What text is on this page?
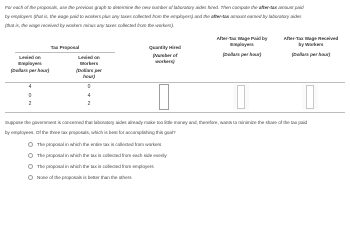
For each of the proposals, use the previous graph to determine the new number of laboratory aides hired. Then compute the after-tax amount paid
by employers (that is, the wage paid to workers plus any taxes collected from the employers) and the after-tax amount earned by laboratory aides
(that is, the wage received by workers minus any taxes collected from the workers).
Tax Proposal
Levied on Employers
(Dollars per hour)
Levied on Workers
(Dollars per hour)
Quantity Hired
(Number of workers)
After-Tax Wage Paid by Employers
(Dollars per hour)
After-Tax Wage Received by Workers
(Dollars per hour)
4	0
0	4
2	2
Suppose the government is concerned that laboratory aides already make too little money and, therefore, wants to minimize the share of the tax paid
by employees. Of the three tax proposals, which is best for accomplishing this goal?
The proposal in which the entire tax is collected from workers
The proposal in which the tax is collected from each side evenly
The proposal in which the tax is collected from employers
None of the proposals is better than the others
